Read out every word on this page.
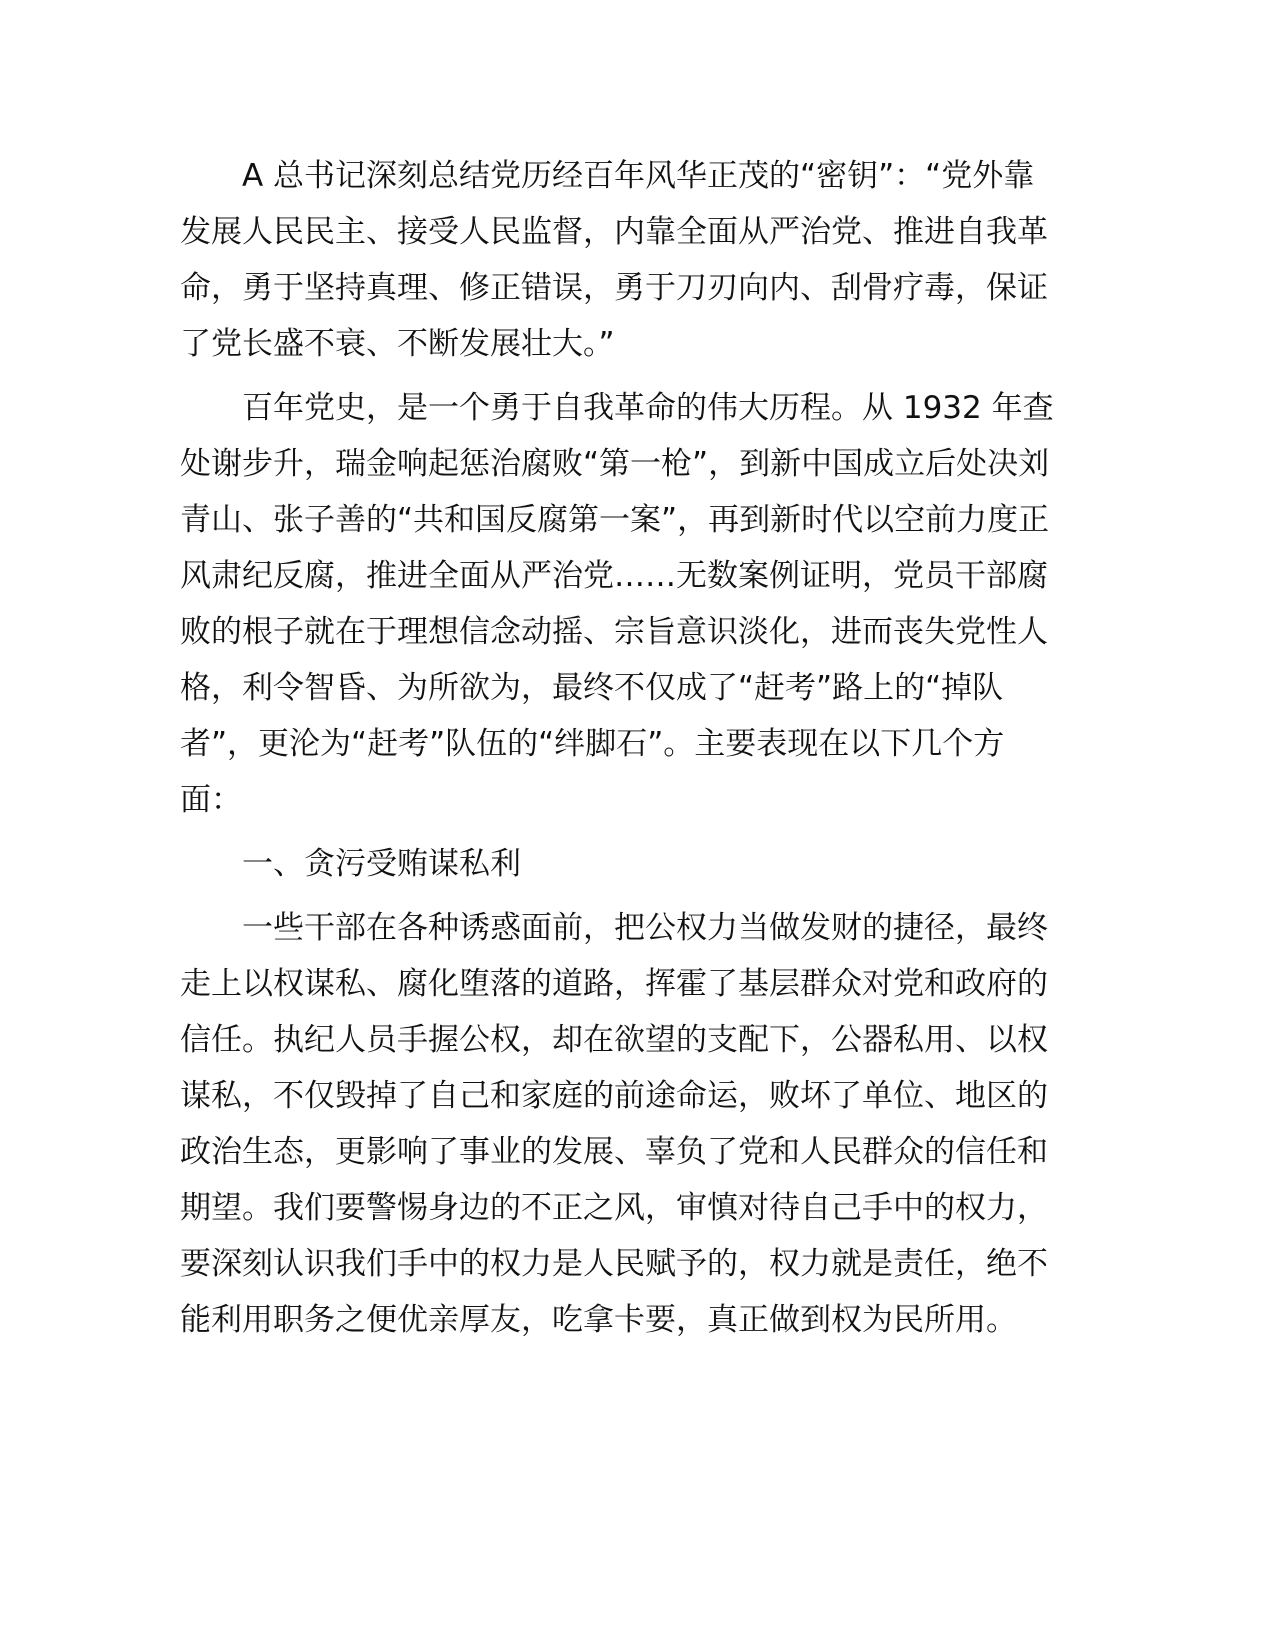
A 总书记深刻总结党历经百年风华正茂的“密钥”：“党外靠发展人民民主、接受人民监督，内靠全面从严治党、推进自我革命，勇于坚持真理、修正错误，勇于刀刃向内、刮骨疗毒，保证了党长盛不衰、不断发展壮大。”

百年党史，是一个勇于自我革命的伟大历程。从 1932 年查处谢步升，瑞金响起惩治腐败“第一枪”，到新中国成立后处决刘青山、张子善的“共和国反腐第一案”，再到新时代以空前力度正风肃纪反腐，推进全面从严治党……无数案例证明，党员干部腐败的根子就在于理想信念动摇、宗旨意识淡化，进而丧失党性人格，利令智昏、为所欲为，最终不仅成了“赶考”路上的“掉队者”，更沦为“赶考”队伍的“绊脚石”。主要表现在以下几个方面：

一、贪污受贿谋私利

一些干部在各种诱惑面前，把公权力当做发财的捷径，最终走上以权谋私、腐化堕落的道路，挥霍了基层群众对党和政府的信任。执纪人员手握公权，却在欲望的支配下，公器私用、以权谋私，不仅毁掉了自己和家庭的前途命运，败坏了单位、地区的政治生态，更影响了事业的发展、辜负了党和人民群众的信任和期望。我们要警惕身边的不正之风，审慎对待自己手中的权力，要深刻认识我们手中的权力是人民赋予的，权力就是责任，绝不能利用职务之便优亲厚友，吃拿卡要，真正做到权为民所用。
